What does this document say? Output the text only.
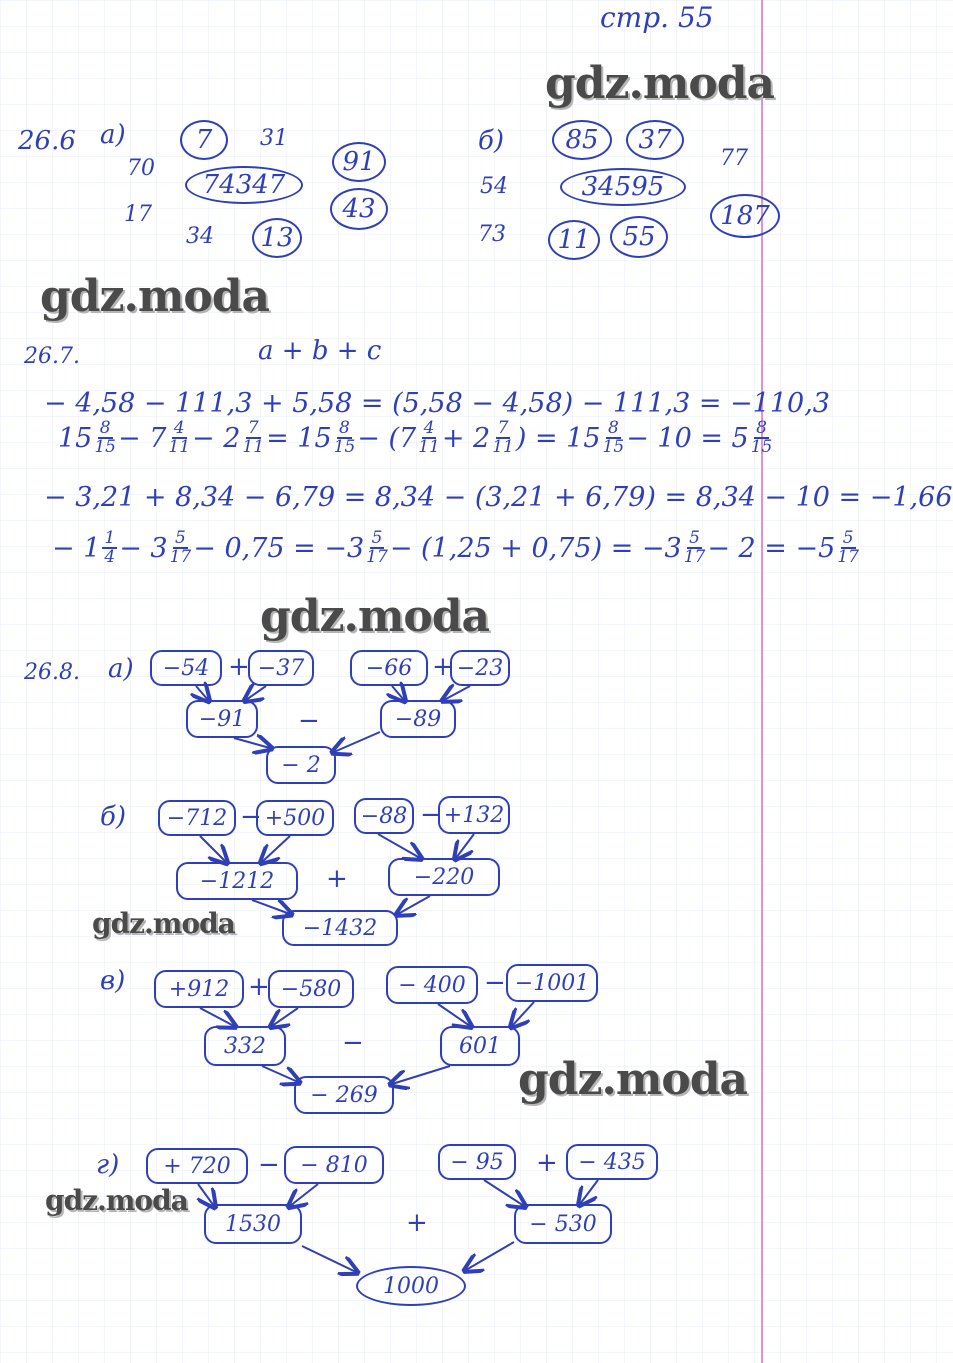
стр. 55
gdz.moda
gdz.moda
gdz.moda
gdz.moda
gdz.moda
gdz.moda
26.6 а)	7	31
70
74347
91
17	43
34	13
б)	85	37
77
54	34595
187
73	11	55
26.7.	a + b + c
− 4,58 − 111,3 + 5,58 = (5,58 − 4,58) − 111,3 = −110,3
$15 \frac{8}{15} - 7 \frac{4}{11} - 2 \frac{7}{11} = 15 \frac{8}{15} - (7 \frac{4}{11} + 2 \frac{7}{11}$ ) = $15 \frac{8}{15} - 10 = 5 \frac{8}{15}$
− 3,21 + 8,34 − 6,79 = 8,34 − (3,21 + 6,79) = 8,34 − 10 = −1,66
− $1 \frac{1}{4} - 3 \frac{5}{17} - 0,75 = -3 \frac{5}{17} - (1,25 + 0,75) = -3 \frac{5}{17} - 2 = -5 \frac{5}{17}$
26.8. а)	−54 + −37	−66 + −23
−91	−	−89
− 2
б)	−712 − +500	−88 − +132
−1212	+	−220
−1432
в)	+912 + −580	− 400 − −1001
332	−	601
− 269
г)	+ 720	− − 810	− 95	+ − 435
1530	+	− 530
1000
